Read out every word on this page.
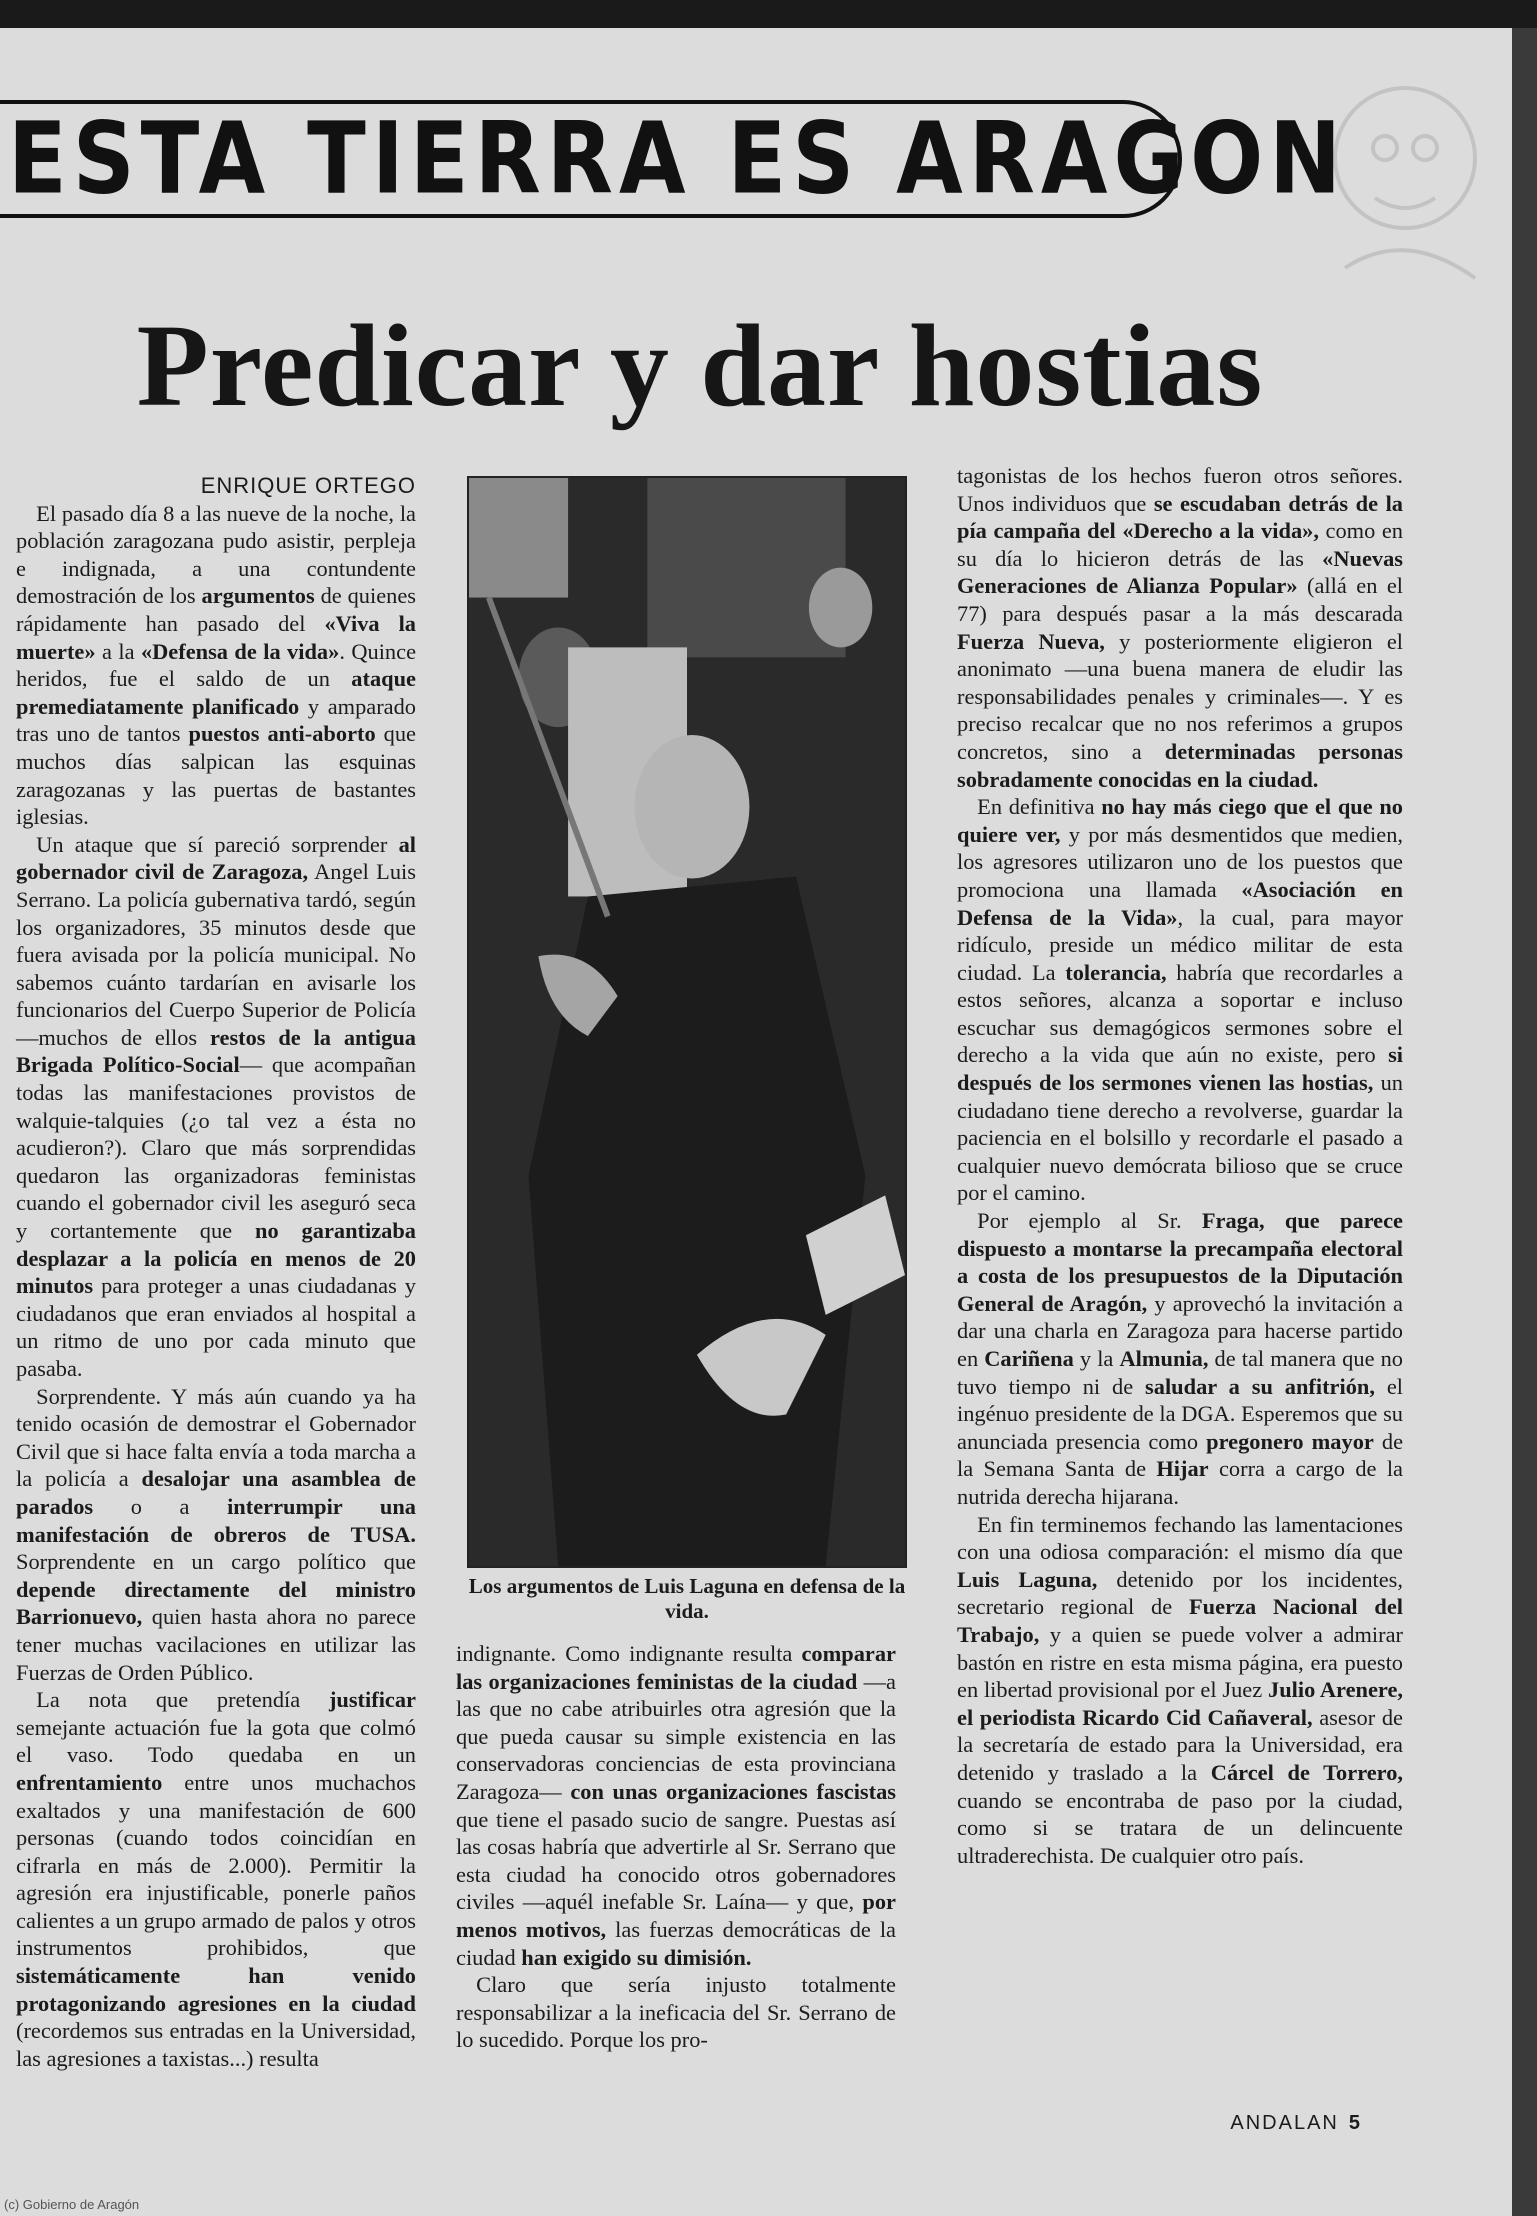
ESTA TIERRA ES ARAGON
Predicar y dar hostias

ENRIQUE ORTEGO

El pasado día 8 a las nueve de la noche, la población zaragozana pudo asistir, perpleja e indignada, a una contundente demostración de los argumentos de quienes rápidamente han pasado del «Viva la muerte» a la «Defensa de la vida». Quince heridos, fue el saldo de un ataque premediatamente planificado y amparado tras uno de tantos puestos anti-aborto que muchos días salpican las esquinas zaragozanas y las puertas de bastantes iglesias.

Un ataque que sí pareció sorprender al gobernador civil de Zaragoza, Angel Luis Serrano. La policía gubernativa tardó, según los organizadores, 35 minutos desde que fuera avisada por la policía municipal. No sabemos cuánto tardarían en avisarle los funcionarios del Cuerpo Superior de Policía —muchos de ellos restos de la antigua Brigada Político-Social— que acompañan todas las manifestaciones provistos de walquie-talquies (¿o tal vez a ésta no acudieron?). Claro que más sorprendidas quedaron las organizadoras feministas cuando el gobernador civil les aseguró seca y cortantemente que no garantizaba desplazar a la policía en menos de 20 minutos para proteger a unas ciudadanas y ciudadanos que eran enviados al hospital a un ritmo de uno por cada minuto que pasaba.

Sorprendente. Y más aún cuando ya ha tenido ocasión de demostrar el Gobernador Civil que si hace falta envía a toda marcha a la policía a desalojar una asamblea de parados o a interrumpir una manifestación de obreros de TUSA. Sorprendente en un cargo político que depende directamente del ministro Barrionuevo, quien hasta ahora no parece tener muchas vacilaciones en utilizar las Fuerzas de Orden Público.

La nota que pretendía justificar semejante actuación fue la gota que colmó el vaso. Todo quedaba en un enfrentamiento entre unos muchachos exaltados y una manifestación de 600 personas (cuando todos coincidían en cifrarla en más de 2.000). Permitir la agresión era injustificable, ponerle paños calientes a un grupo armado de palos y otros instrumentos prohibidos, que sistemáticamente han venido protagonizando agresiones en la ciudad (recordemos sus entradas en la Universidad, las agresiones a taxistas...) resulta

Los argumentos de Luis Laguna en defensa de la vida.

indignante. Como indignante resulta comparar las organizaciones feministas de la ciudad —a las que no cabe atribuirles otra agresión que la que pueda causar su simple existencia en las conservadoras conciencias de esta provinciana Zaragoza— con unas organizaciones fascistas que tiene el pasado sucio de sangre. Puestas así las cosas habría que advertirle al Sr. Serrano que esta ciudad ha conocido otros gobernadores civiles —aquél inefable Sr. Laína— y que, por menos motivos, las fuerzas democráticas de la ciudad han exigido su dimisión.

Claro que sería injusto totalmente responsabilizar a la ineficacia del Sr. Serrano de lo sucedido. Porque los pro-

tagonistas de los hechos fueron otros señores. Unos individuos que se escudaban detrás de la pía campaña del «Derecho a la vida», como en su día lo hicieron detrás de las «Nuevas Generaciones de Alianza Popular» (allá en el 77) para después pasar a la más descarada Fuerza Nueva, y posteriormente eligieron el anonimato —una buena manera de eludir las responsabilidades penales y criminales—. Y es preciso recalcar que no nos referimos a grupos concretos, sino a determinadas personas sobradamente conocidas en la ciudad.

En definitiva no hay más ciego que el que no quiere ver, y por más desmentidos que medien, los agresores utilizaron uno de los puestos que promociona una llamada «Asociación en Defensa de la Vida», la cual, para mayor ridículo, preside un médico militar de esta ciudad. La tolerancia, habría que recordarles a estos señores, alcanza a soportar e incluso escuchar sus demagógicos sermones sobre el derecho a la vida que aún no existe, pero si después de los sermones vienen las hostias, un ciudadano tiene derecho a revolverse, guardar la paciencia en el bolsillo y recordarle el pasado a cualquier nuevo demócrata bilioso que se cruce por el camino.

Por ejemplo al Sr. Fraga, que parece dispuesto a montarse la precampaña electoral a costa de los presupuestos de la Diputación General de Aragón, y aprovechó la invitación a dar una charla en Zaragoza para hacerse partido en Cariñena y la Almunia, de tal manera que no tuvo tiempo ni de saludar a su anfitrión, el ingénuo presidente de la DGA. Esperemos que su anunciada presencia como pregonero mayor de la Semana Santa de Hijar corra a cargo de la nutrida derecha hijarana.

En fin terminemos fechando las lamentaciones con una odiosa comparación: el mismo día que Luis Laguna, detenido por los incidentes, secretario regional de Fuerza Nacional del Trabajo, y a quien se puede volver a admirar bastón en ristre en esta misma página, era puesto en libertad provisional por el Juez Julio Arenere, el periodista Ricardo Cid Cañaveral, asesor de la secretaría de estado para la Universidad, era detenido y traslado a la Cárcel de Torrero, cuando se encontraba de paso por la ciudad, como si se tratara de un delincuente ultraderechista. De cualquier otro país.

ANDALAN 5
(c) Gobierno de Aragón
